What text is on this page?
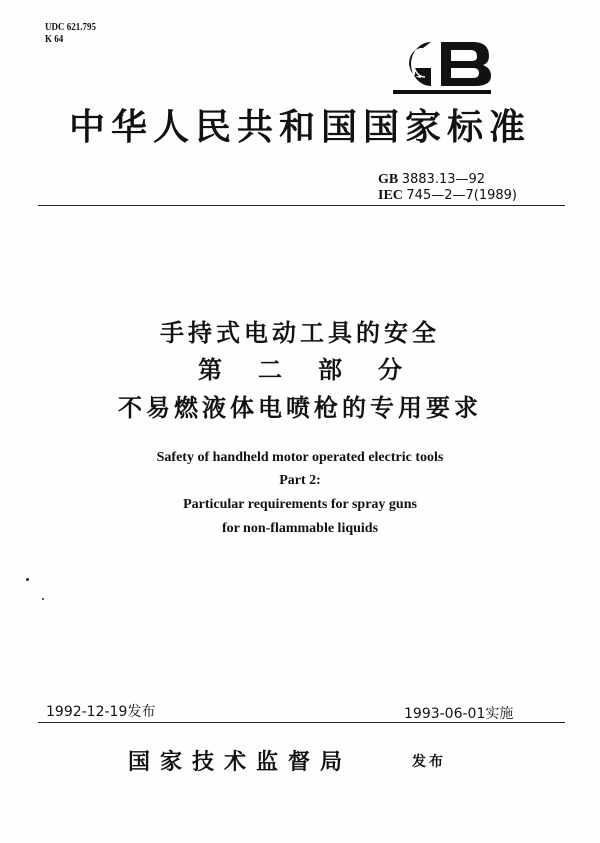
UDC 621.795
K 64
中华人民共和国国家标准
GB 3883.13—92
IEC 745—2—7(1989)
手持式电动工具的安全
第二部分
不易燃液体电喷枪的专用要求
Safety of handheld motor operated electric tools
Part 2:
Particular requirements for spray guns
for non-flammable liquids
1992-12-19发布	1993-06-01实施
国家技术监督局	发布
